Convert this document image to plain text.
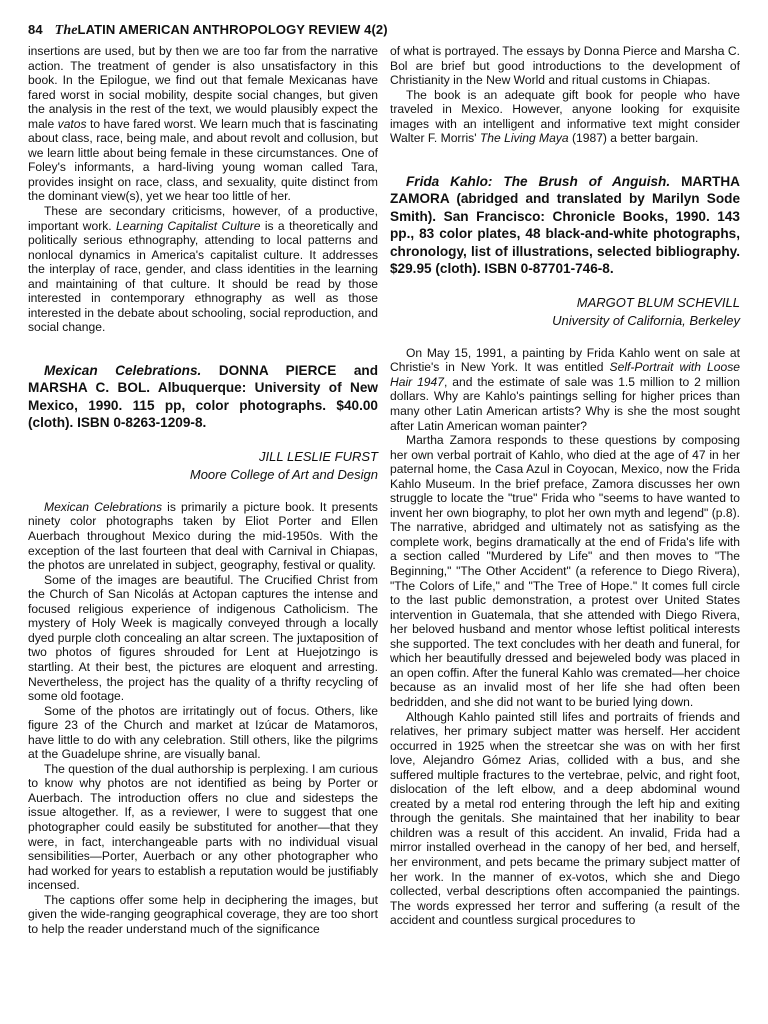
84 TheLATIN AMERICAN ANTHROPOLOGY REVIEW 4(2)

insertions are used, but by then we are too far from the narrative action. The treatment of gender is also unsatisfactory in this book. In the Epilogue, we find out that female Mexicanas have fared worst in social mobility, despite social changes, but given the analysis in the rest of the text, we would plausibly expect the male vatos to have fared worst. We learn much that is fascinating about class, race, being male, and about revolt and collusion, but we learn little about being female in these circumstances. One of Foley's informants, a hard-living young woman called Tara, provides insight on race, class, and sexuality, quite distinct from the dominant view(s), yet we hear too little of her.

These are secondary criticisms, however, of a productive, important work. Learning Capitalist Culture is a theoretically and politically serious ethnography, attending to local patterns and nonlocal dynamics in America's capitalist culture. It addresses the interplay of race, gender, and class identities in the learning and maintaining of that culture. It should be read by those interested in contemporary ethnography as well as those interested in the debate about schooling, social reproduction, and social change.

Mexican Celebrations. DONNA PIERCE and MARSHA C. BOL. Albuquerque: University of New Mexico, 1990. 115 pp, color photographs. $40.00 (cloth). ISBN 0-8263-1209-8.

JILL LESLIE FURST

Moore College of Art and Design

Mexican Celebrations is primarily a picture book. It presents ninety color photographs taken by Eliot Porter and Ellen Auerbach throughout Mexico during the mid-1950s. With the exception of the last fourteen that deal with Carnival in Chiapas, the photos are unrelated in subject, geography, festival or quality.

Some of the images are beautiful. The Crucified Christ from the Church of San Nicolás at Actopan captures the intense and focused religious experience of indigenous Catholicism. The mystery of Holy Week is magically conveyed through a locally dyed purple cloth concealing an altar screen. The juxtaposition of two photos of figures shrouded for Lent at Huejotzingo is startling. At their best, the pictures are eloquent and arresting. Nevertheless, the project has the quality of a thrifty recycling of some old footage.

Some of the photos are irritatingly out of focus. Others, like figure 23 of the Church and market at Izúcar de Matamoros, have little to do with any celebration. Still others, like the pilgrims at the Guadelupe shrine, are visually banal.

The question of the dual authorship is perplexing. I am curious to know why photos are not identified as being by Porter or Auerbach. The introduction offers no clue and sidesteps the issue altogether. If, as a reviewer, I were to suggest that one photographer could easily be substituted for another—that they were, in fact, interchangeable parts with no individual visual sensibilities—Porter, Auerbach or any other photographer who had worked for years to establish a reputation would be justifiably incensed.

The captions offer some help in deciphering the images, but given the wide-ranging geographical coverage, they are too short to help the reader understand much of the significance

of what is portrayed. The essays by Donna Pierce and Marsha C. Bol are brief but good introductions to the development of Christianity in the New World and ritual customs in Chiapas.

The book is an adequate gift book for people who have traveled in Mexico. However, anyone looking for exquisite images with an intelligent and informative text might consider Walter F. Morris' The Living Maya (1987) a better bargain.

Frida Kahlo: The Brush of Anguish. MARTHA ZAMORA (abridged and translated by Marilyn Sode Smith). San Francisco: Chronicle Books, 1990. 143 pp., 83 color plates, 48 black-and-white photographs, chronology, list of illustrations, selected bibliography. $29.95 (cloth). ISBN 0-87701-746-8.

MARGOT BLUM SCHEVILL

University of California, Berkeley

On May 15, 1991, a painting by Frida Kahlo went on sale at Christie's in New York. It was entitled Self-Portrait with Loose Hair 1947, and the estimate of sale was 1.5 million to 2 million dollars. Why are Kahlo's paintings selling for higher prices than many other Latin American artists? Why is she the most sought after Latin American woman painter?

Martha Zamora responds to these questions by composing her own verbal portrait of Kahlo, who died at the age of 47 in her paternal home, the Casa Azul in Coyocan, Mexico, now the Frida Kahlo Museum. In the brief preface, Zamora discusses her own struggle to locate the "true" Frida who "seems to have wanted to invent her own biography, to plot her own myth and legend" (p.8). The narrative, abridged and ultimately not as satisfying as the complete work, begins dramatically at the end of Frida's life with a section called "Murdered by Life" and then moves to "The Beginning," "The Other Accident" (a reference to Diego Rivera), "The Colors of Life," and "The Tree of Hope." It comes full circle to the last public demonstration, a protest over United States intervention in Guatemala, that she attended with Diego Rivera, her beloved husband and mentor whose leftist political interests she supported. The text concludes with her death and funeral, for which her beautifully dressed and bejeweled body was placed in an open coffin. After the funeral Kahlo was cremated—her choice because as an invalid most of her life she had often been bedridden, and she did not want to be buried lying down.

Although Kahlo painted still lifes and portraits of friends and relatives, her primary subject matter was herself. Her accident occurred in 1925 when the streetcar she was on with her first love, Alejandro Gómez Arias, collided with a bus, and she suffered multiple fractures to the vertebrae, pelvic, and right foot, dislocation of the left elbow, and a deep abdominal wound created by a metal rod entering through the left hip and exiting through the genitals. She maintained that her inability to bear children was a result of this accident. An invalid, Frida had a mirror installed overhead in the canopy of her bed, and herself, her environment, and pets became the primary subject matter of her work. In the manner of ex-votos, which she and Diego collected, verbal descriptions often accompanied the paintings. The words expressed her terror and suffering (a result of the accident and countless surgical procedures to
